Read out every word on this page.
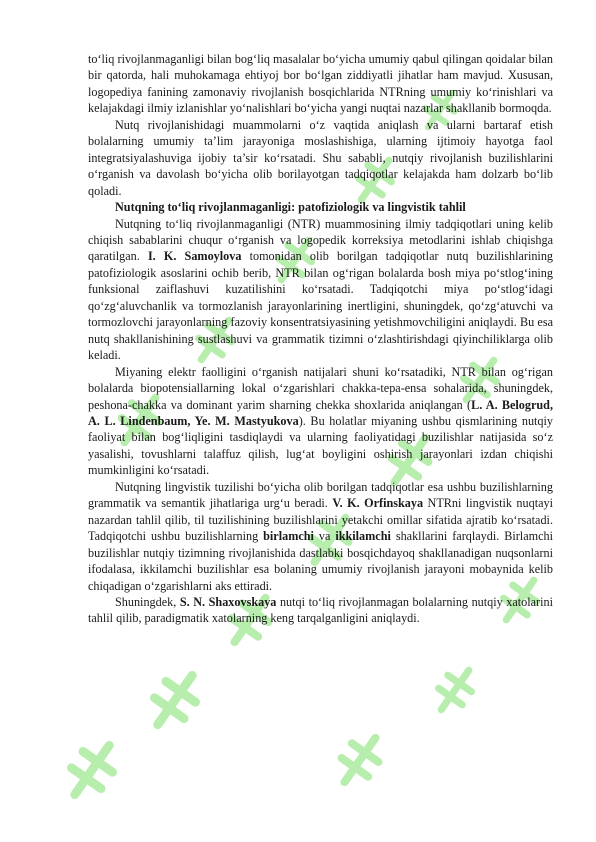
to‘liq rivojlanmaganligi bilan bog‘liq masalalar bo‘yicha umumiy qabul qilingan qoidalar bilan bir qatorda, hali muhokamaga ehtiyoj bor bo‘lgan ziddiyatli jihatlar ham mavjud. Xususan, logopediya fanining zamonaviy rivojlanish bosqichlarida NTRning umumiy ko‘rinishlari va kelajakdagi ilmiy izlanishlar yo‘nalishlari bo‘yicha yangi nuqtai nazarlar shakllanib bormoqda.

Nutq rivojlanishidagi muammolarni o‘z vaqtida aniqlash va ularni bartaraf etish bolalarning umumiy ta’lim jarayoniga moslashishiga, ularning ijtimoiy hayotga faol integratsiyalashuviga ijobiy ta’sir ko‘rsatadi. Shu sababli, nutqiy rivojlanish buzilishlarini o‘rganish va davolash bo‘yicha olib borilayotgan tadqiqotlar kelajakda ham dolzarb bo‘lib qoladi.

Nutqning to‘liq rivojlanmaganligi: patofiziologik va lingvistik tahlil

Nutqning to‘liq rivojlanmaganligi (NTR) muammosining ilmiy tadqiqotlari uning kelib chiqish sabablarini chuqur o‘rganish va logopedik korreksiya metodlarini ishlab chiqishga qaratilgan. I. K. Samoylova tomonidan olib borilgan tadqiqotlar nutq buzilishlarining patofiziologik asoslarini ochib berib, NTR bilan og‘rigan bolalarda bosh miya po‘stlog‘ining funksional zaiflashuvi kuzatilishini ko‘rsatadi. Tadqiqotchi miya po‘stlog‘idagi qo‘zg‘aluvchanlik va tormozlanish jarayonlarining inertligini, shuningdek, qo‘zg‘atuvchi va tormozlovchi jarayonlarning fazoviy konsentratsiyasining yetishmovchiligini aniqlaydi. Bu esa nutq shakllanishining sustlashuvi va grammatik tizimni o‘zlashtirishdagi qiyinchiliklarga olib keladi.

Miyaning elektr faolligini o‘rganish natijalari shuni ko‘rsatadiki, NTR bilan og‘rigan bolalarda biopotensiallarning lokal o‘zgarishlari chakka-tepa-ensa sohalarida, shuningdek, peshona-chakka va dominant yarim sharning chekka shoxlarida aniqlangan (L. A. Belogrud, A. L. Lindenbaum, Ye. M. Mastyukova). Bu holatlar miyaning ushbu qismlarining nutqiy faoliyat bilan bog‘liqligini tasdiqlaydi va ularning faoliyatidagi buzilishlar natijasida so‘z yasalishi, tovushlarni talaffuz qilish, lug‘at boyligini oshirish jarayonlari izdan chiqishi mumkinligini ko‘rsatadi.

Nutqning lingvistik tuzilishi bo‘yicha olib borilgan tadqiqotlar esa ushbu buzilishlarning grammatik va semantik jihatlariga urg‘u beradi. V. K. Orfinskaya NTRni lingvistik nuqtayi nazardan tahlil qilib, til tuzilishining buzilishlarini yetakchi omillar sifatida ajratib ko‘rsatadi. Tadqiqotchi ushbu buzilishlarning birlamchi va ikkilamchi shakllarini farqlaydi. Birlamchi buzilishlar nutqiy tizimning rivojlanishida dastlabki bosqichdayoq shakllanadigan nuqsonlarni ifodalasa, ikkilamchi buzilishlar esa bolaning umumiy rivojlanish jarayoni mobaynida kelib chiqadigan o‘zgarishlarni aks ettiradi.

Shuningdek, S. N. Shaxovskaya nutqi to‘liq rivojlanmagan bolalarning nutqiy xatolarini tahlil qilib, paradigmatik xatolarning keng tarqalganligini aniqlaydi.
